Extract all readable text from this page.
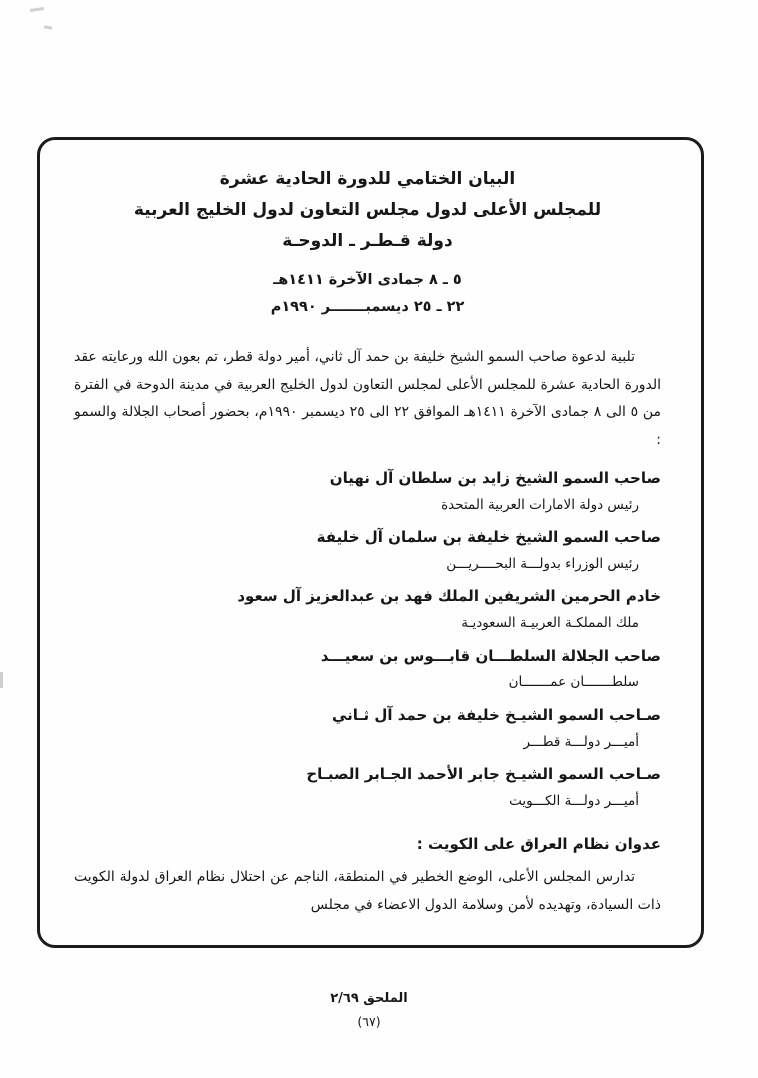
البيان الختامي للدورة الحادية عشرة
للمجلس الأعلى لدول مجلس التعاون لدول الخليج العربية
دولة قـطـر ـ الدوحـة
٥ ـ ٨ جمادى الآخرة ١٤١١هـ
٢٢ ـ ٢٥ ديسمبـــــــر ١٩٩٠م

تلبية لدعوة صاحب السمو الشيخ خليفة بن حمد آل ثاني، أمير دولة قطر، تم بعون الله ورعايته عقد الدورة الحادية عشرة للمجلس الأعلى لمجلس التعاون لدول الخليج العربية في مدينة الدوحة في الفترة من ٥ الى ٨ جمادى الآخرة ١٤١١هـ الموافق ٢٢ الى ٢٥ ديسمبر ١٩٩٠م، بحضور أصحاب الجلالة والسمو :

صاحب السمو الشيخ زايد بن سلطان آل نهيان
رئيس دولة الامارات العربية المتحدة
صاحب السمو الشيخ خليفة بن سلمان آل خليفة
رئيس الوزراء بدولـــة البحــــريـــن
خادم الحرمين الشريفين الملك فهد بن عبدالعزيز آل سعود
ملك المملكـة العربيـة السعوديـة
صاحب الجلالة السلطـــان قابـــوس بن سعيـــد
سلطـــــــان عمـــــــان
صـاحب السمو الشيـخ خليفة بن حمد آل ثـاني
أميـــر دولـــة قطـــر
صـاحب السمو الشيـخ جابر الأحمد الجـابر الصبـاح
أميـــر دولـــة الكـــويت
عدوان نظام العراق على الكويت :

تدارس المجلس الأعلى، الوضع الخطير في المنطقة، الناجم عن احتلال نظام العراق لدولة الكويت ذات السيادة، وتهديده لأمن وسلامة الدول الاعضاء في مجلس

الملحق ٢/٦٩
(٦٧)
